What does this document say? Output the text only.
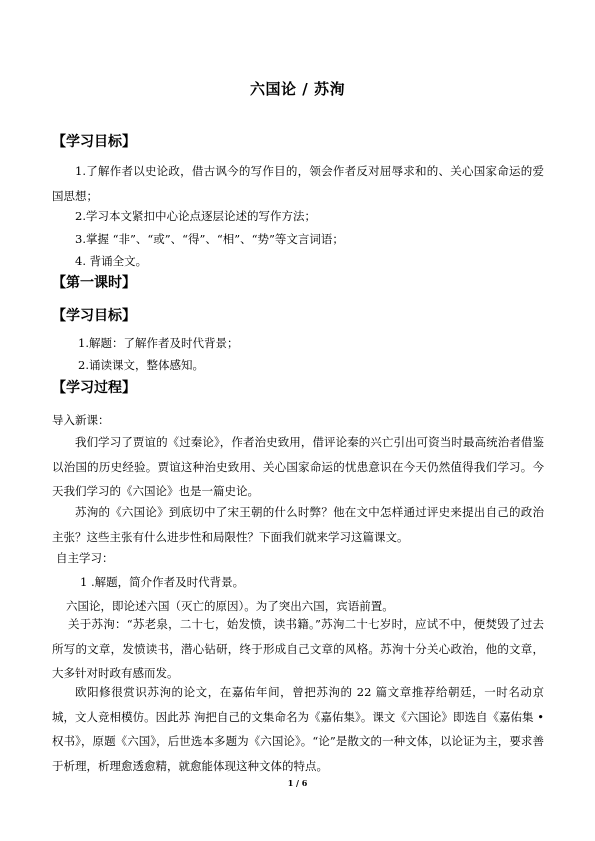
六国论 / 苏洵
【学习目标】
1.了解作者以史论政，借古讽今的写作目的，领会作者反对屈辱求和的、关心国家命运的爱国思想；
2.学习本文紧扣中心论点逐层论述的写作方法；
3.掌握 “非”、“或”、“得”、“相”、“势”等文言词语；
4. 背诵全文。
【第一课时】
【学习目标】
1.解题：了解作者及时代背景；
2.诵读课文，整体感知。
【学习过程】
导入新课：
我们学习了贾谊的《过秦论》，作者治史致用，借评论秦的兴亡引出可资当时最高统治者借鉴以治国的历史经验。贾谊这种治史致用、关心国家命运的忧患意识在今天仍然值得我们学习。今天我们学习的《六国论》也是一篇史论。
苏洵的《六国论》到底切中了宋王朝的什么时弊？他在文中怎样通过评史来提出自己的政治主张？这些主张有什么进步性和局限性？下面我们就来学习这篇课文。
自主学习：
1 .解题，简介作者及时代背景。
六国论，即论述六国（灭亡的原因）。为了突出六国，宾语前置。
关于苏洵：“苏老泉，二十七，始发愤，读书籍。”苏洵二十七岁时，应试不中，便焚毁了过去所写的文章，发愤读书，潜心钻研，终于形成自己文章的风格。苏洵十分关心政治，他的文章，大多针对时政有感而发。
欧阳修很赏识苏洵的论文，在嘉佑年间，曾把苏洵的 22 篇文章推荐给朝廷，一时名动京城，文人竞相模仿。因此苏 洵把自己的文集命名为《嘉佑集》。课文《六国论》即选自《嘉佑集 • 权书》，原题《六国》，后世选本多题为《六国论》。“论”是散文的一种文体，以论证为主，要求善于析理，析理愈透愈精，就愈能体现这种文体的特点。
1 / 6
